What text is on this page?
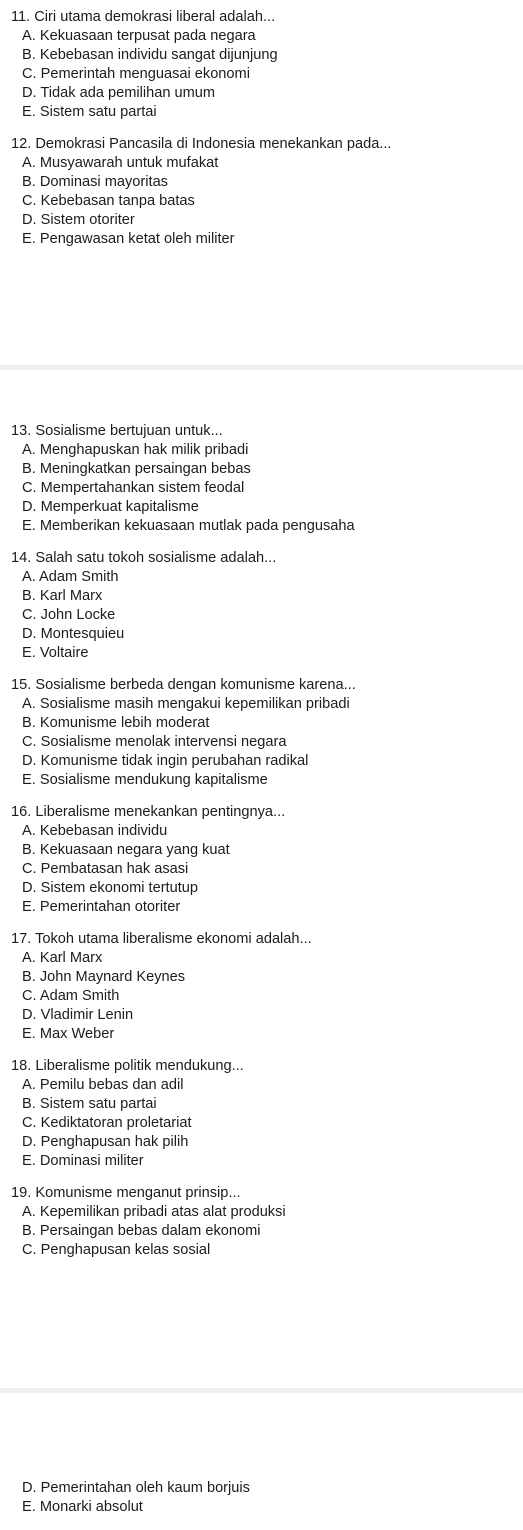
11. Ciri utama demokrasi liberal adalah...

A. Kekuasaan terpusat pada negara

B. Kebebasan individu sangat dijunjung

C. Pemerintah menguasai ekonomi

D. Tidak ada pemilihan umum

E. Sistem satu partai

12. Demokrasi Pancasila di Indonesia menekankan pada...

A. Musyawarah untuk mufakat

B. Dominasi mayoritas

C. Kebebasan tanpa batas

D. Sistem otoriter

E. Pengawasan ketat oleh militer

13. Sosialisme bertujuan untuk...

A. Menghapuskan hak milik pribadi

B. Meningkatkan persaingan bebas

C. Mempertahankan sistem feodal

D. Memperkuat kapitalisme

E. Memberikan kekuasaan mutlak pada pengusaha

14. Salah satu tokoh sosialisme adalah...

A. Adam Smith

B. Karl Marx

C. John Locke

D. Montesquieu

E. Voltaire

15. Sosialisme berbeda dengan komunisme karena...

A. Sosialisme masih mengakui kepemilikan pribadi

B. Komunisme lebih moderat

C. Sosialisme menolak intervensi negara

D. Komunisme tidak ingin perubahan radikal

E. Sosialisme mendukung kapitalisme

16. Liberalisme menekankan pentingnya...

A. Kebebasan individu

B. Kekuasaan negara yang kuat

C. Pembatasan hak asasi

D. Sistem ekonomi tertutup

E. Pemerintahan otoriter

17. Tokoh utama liberalisme ekonomi adalah...

A. Karl Marx

B. John Maynard Keynes

C. Adam Smith

D. Vladimir Lenin

E. Max Weber

18. Liberalisme politik mendukung...

A. Pemilu bebas dan adil

B. Sistem satu partai

C. Kediktatoran proletariat

D. Penghapusan hak pilih

E. Dominasi militer

19. Komunisme menganut prinsip...

A. Kepemilikan pribadi atas alat produksi

B. Persaingan bebas dalam ekonomi

C. Penghapusan kelas sosial

D. Pemerintahan oleh kaum borjuis

E. Monarki absolut
